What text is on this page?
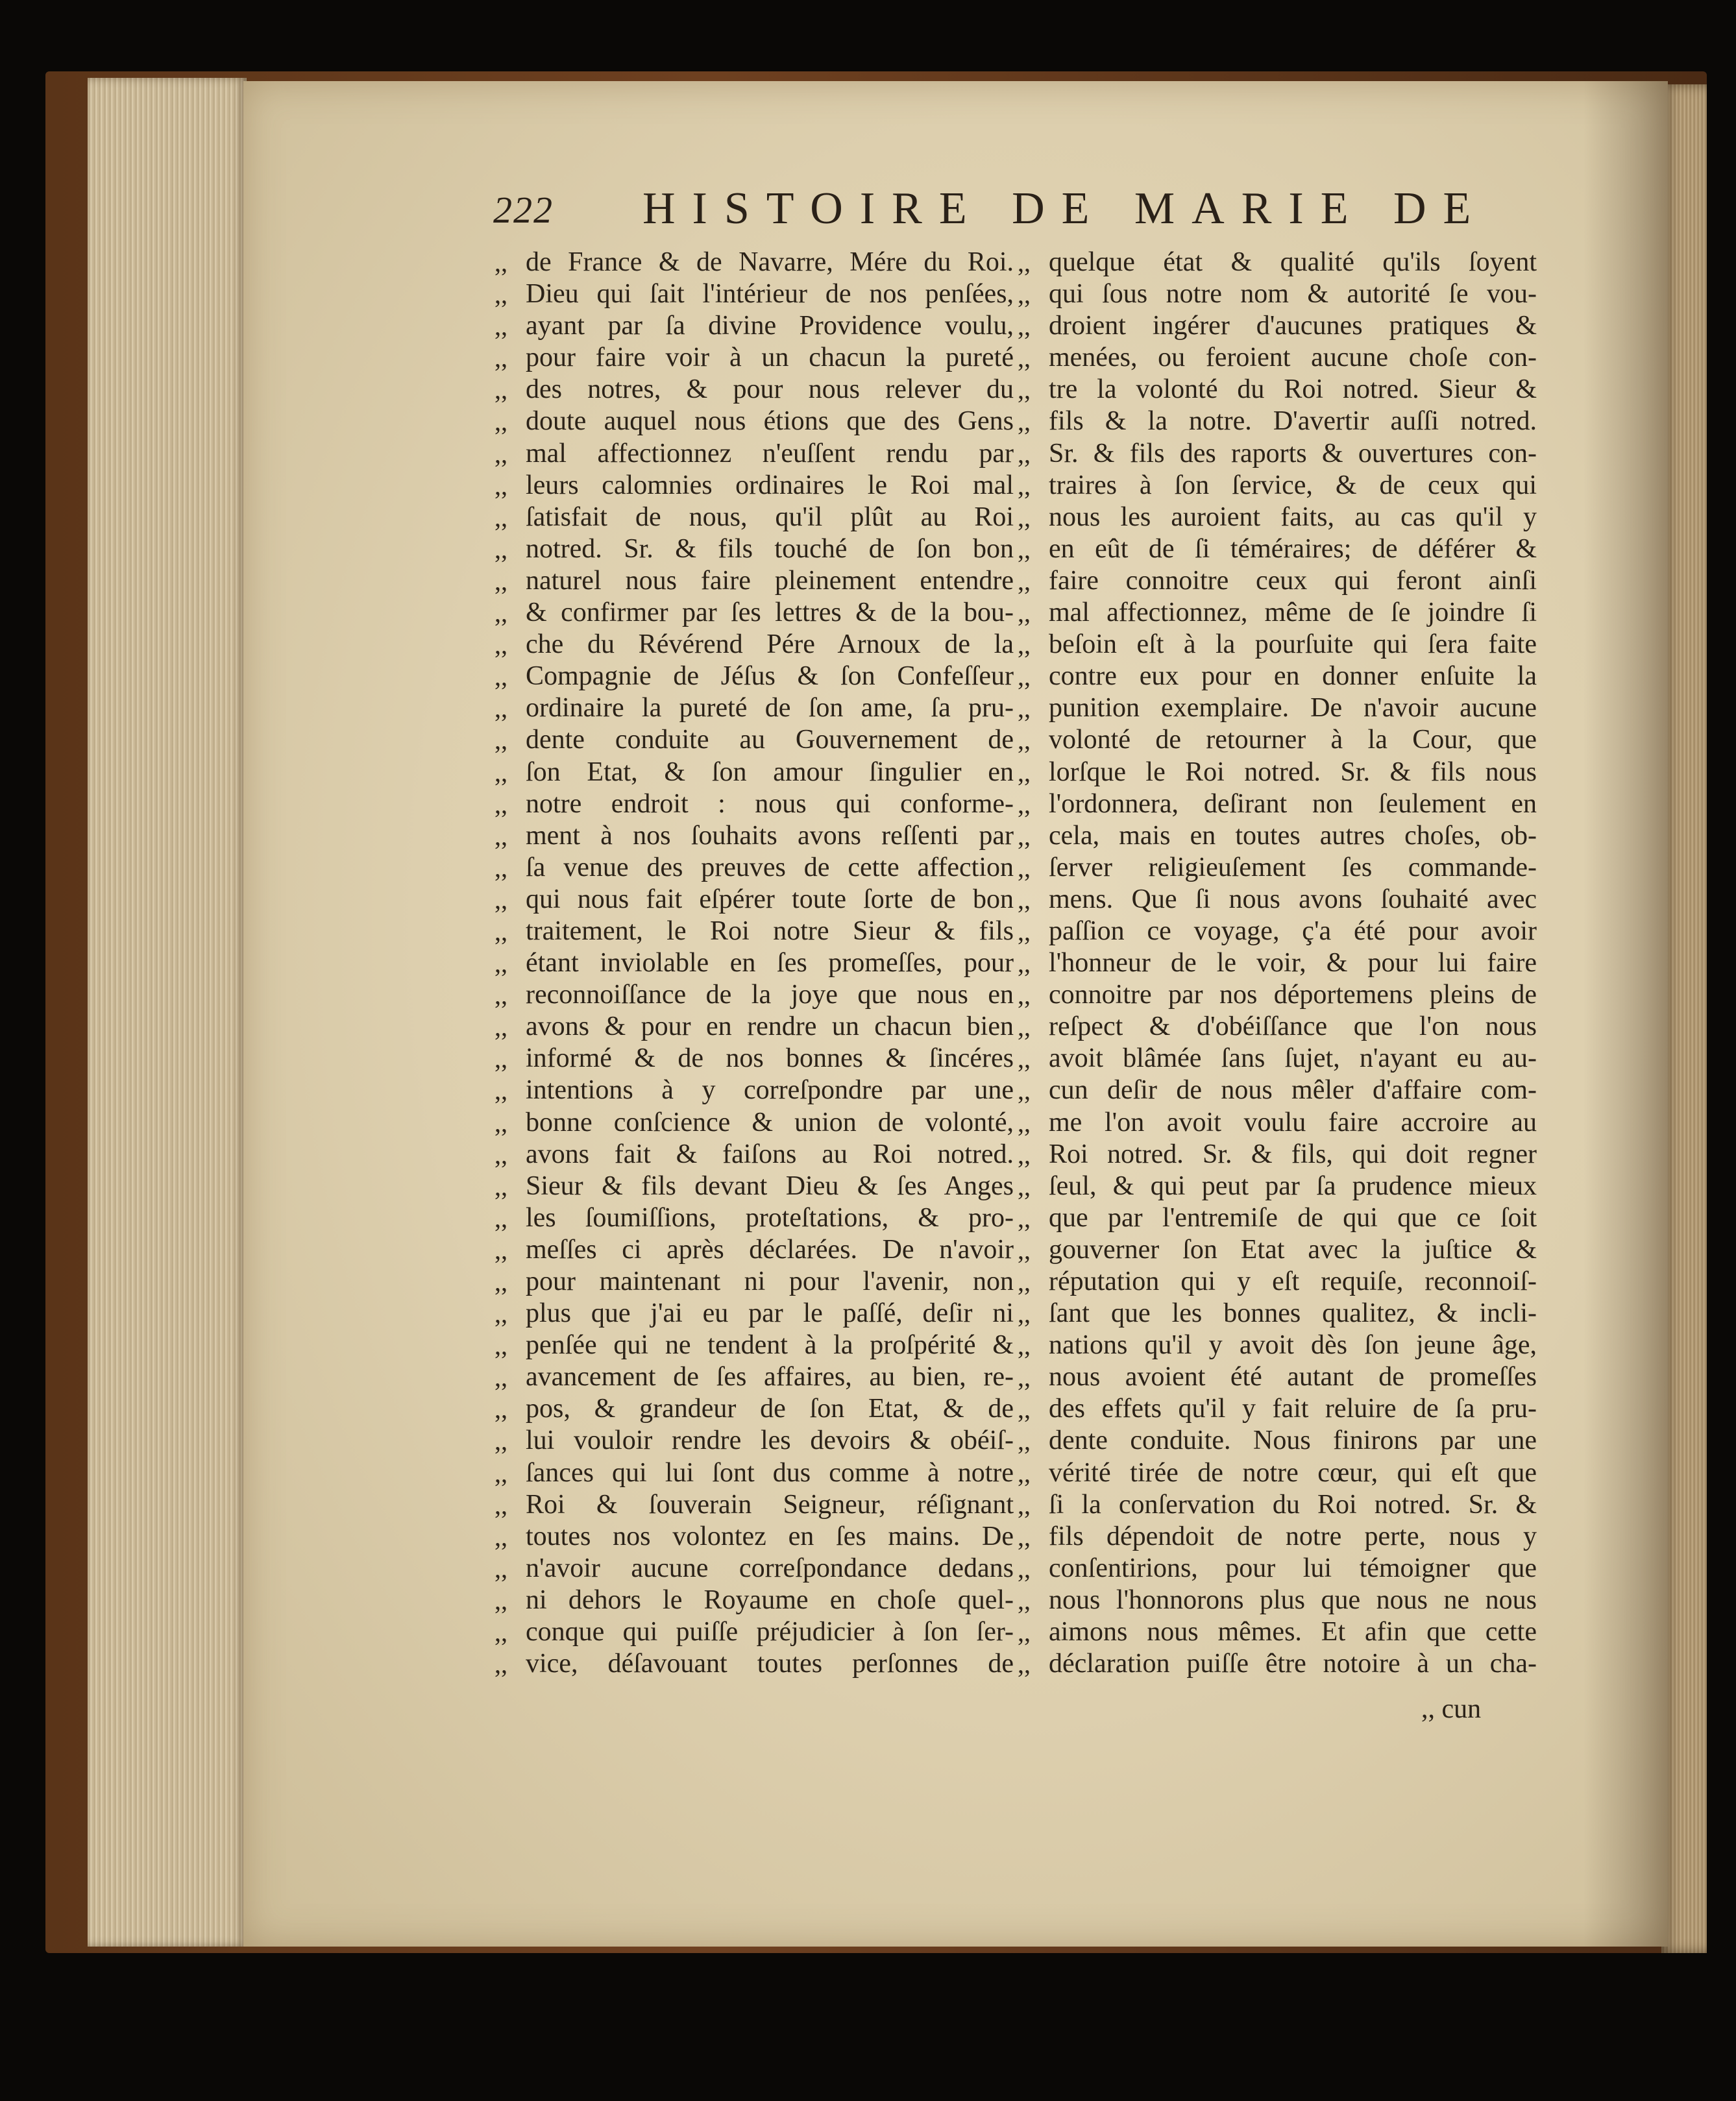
222 HISTOIRE DE MARIE DE
,, de France & de Navarre, Mére du Roi.
,, Dieu qui ſait l'intérieur de nos penſées,
,, ayant par ſa divine Providence voulu,
,, pour faire voir à un chacun la pureté
,, des notres, & pour nous relever du
,, doute auquel nous étions que des Gens
,, mal affectionnez n'euſſent rendu par
,, leurs calomnies ordinaires le Roi mal
,, ſatisfait de nous, qu'il plût au Roi
,, notred. Sr. & fils touché de ſon bon
,, naturel nous faire pleinement entendre
,, & confirmer par ſes lettres & de la bou-
,, che du Révérend Pére Arnoux de la
,, Compagnie de Jéſus & ſon Confeſſeur
,, ordinaire la pureté de ſon ame, ſa pru-
,, dente conduite au Gouvernement de
,, ſon Etat, & ſon amour ſingulier en
,, notre endroit : nous qui conforme-
,, ment à nos ſouhaits avons reſſenti par
,, ſa venue des preuves de cette affection
,, qui nous fait eſpérer toute ſorte de bon
,, traitement, le Roi notre Sieur & fils
,, étant inviolable en ſes promeſſes, pour
,, reconnoiſſance de la joye que nous en
,, avons & pour en rendre un chacun bien
,, informé & de nos bonnes & ſincéres
,, intentions à y correſpondre par une
,, bonne conſcience & union de volonté,
,, avons fait & faiſons au Roi notred.
,, Sieur & fils devant Dieu & ſes Anges
,, les ſoumiſſions, proteſtations, & pro-
,, meſſes ci après déclarées. De n'avoir
,, pour maintenant ni pour l'avenir, non
,, plus que j'ai eu par le paſſé, deſir ni
,, penſée qui ne tendent à la proſpérité &
,, avancement de ſes affaires, au bien, re-
,, pos, & grandeur de ſon Etat, & de
,, lui vouloir rendre les devoirs & obéiſ-
,, ſances qui lui ſont dus comme à notre
,, Roi & ſouverain Seigneur, réſignant
,, toutes nos volontez en ſes mains. De
,, n'avoir aucune correſpondance dedans
,, ni dehors le Royaume en choſe quel-
,, conque qui puiſſe préjudicier à ſon ſer-
,, vice, déſavouant toutes perſonnes de
,, quelque état & qualité qu'ils ſoyent
,, qui ſous notre nom & autorité ſe vou-
,, droient ingérer d'aucunes pratiques &
,, menées, ou feroient aucune choſe con-
,, tre la volonté du Roi notred. Sieur &
,, fils & la notre. D'avertir auſſi notred.
,, Sr. & fils des raports & ouvertures con-
,, traires à ſon ſervice, & de ceux qui
,, nous les auroient faits, au cas qu'il y
,, en eût de ſi téméraires; de déférer &
,, faire connoitre ceux qui feront ainſi
,, mal affectionnez, même de ſe joindre ſi
,, beſoin eſt à la pourſuite qui ſera faite
,, contre eux pour en donner enſuite la
,, punition exemplaire. De n'avoir aucune
,, volonté de retourner à la Cour, que
,, lorſque le Roi notred. Sr. & fils nous
,, l'ordonnera, deſirant non ſeulement en
,, cela, mais en toutes autres choſes, ob-
,, ſerver religieuſement ſes commande-
,, mens. Que ſi nous avons ſouhaité avec
,, paſſion ce voyage, ç'a été pour avoir
,, l'honneur de le voir, & pour lui faire
,, connoitre par nos déportemens pleins de
,, reſpect & d'obéiſſance que l'on nous
,, avoit blâmée ſans ſujet, n'ayant eu au-
,, cun deſir de nous mêler d'affaire com-
,, me l'on avoit voulu faire accroire au
,, Roi notred. Sr. & fils, qui doit regner
,, ſeul, & qui peut par ſa prudence mieux
,, que par l'entremiſe de qui que ce ſoit
,, gouverner ſon Etat avec la juſtice &
,, réputation qui y eſt requiſe, reconnoiſ-
,, ſant que les bonnes qualitez, & incli-
,, nations qu'il y avoit dès ſon jeune âge,
,, nous avoient été autant de promeſſes
,, des effets qu'il y fait reluire de ſa pru-
,, dente conduite. Nous finirons par une
,, vérité tirée de notre cœur, qui eſt que
,, ſi la conſervation du Roi notred. Sr. &
,, fils dépendoit de notre perte, nous y
,, conſentirions, pour lui témoigner que
,, nous l'honnorons plus que nous ne nous
,, aimons nous mêmes. Et afin que cette
,, déclaration puiſſe être notoire à un cha-
,, cun
